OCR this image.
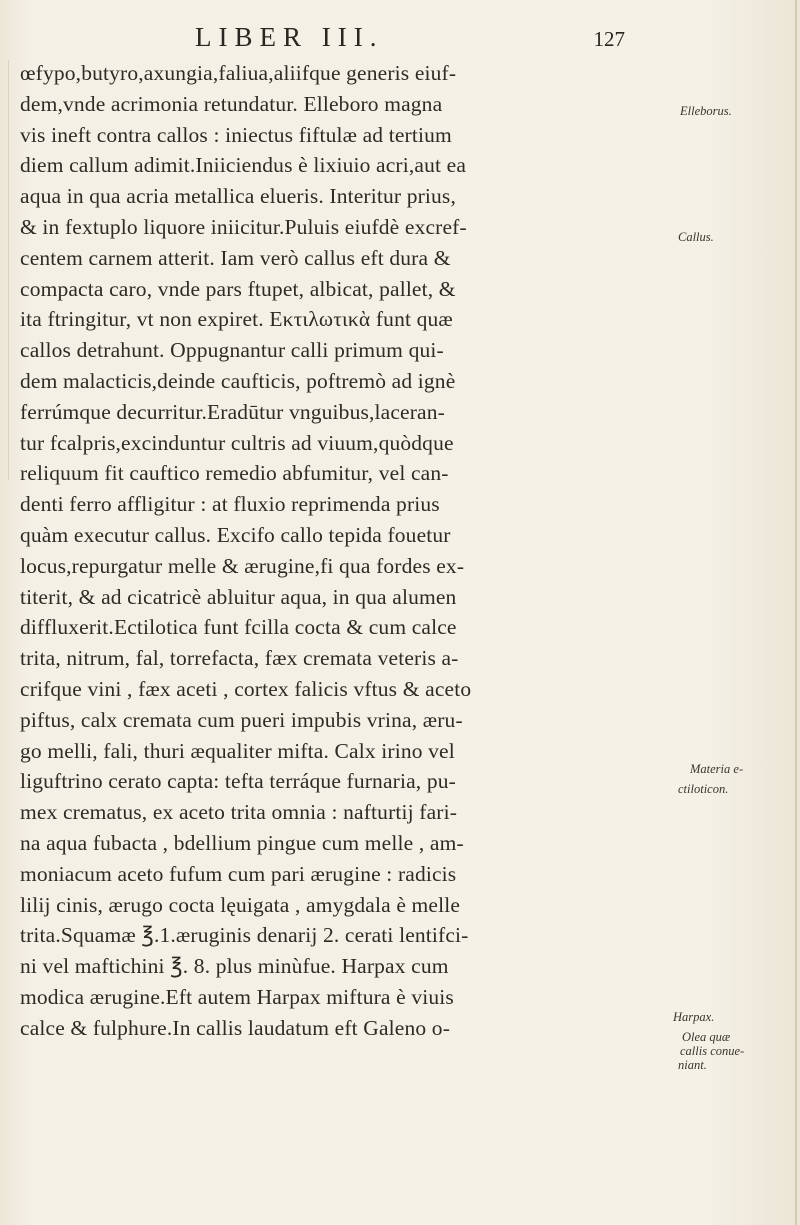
LIBER III.	127
œfypo,butyro,axungia,faliua,aliifque generis eiuf-
dem,vnde acrimonia retundatur. Elleboro magna
vis ineft contra callos : iniectus fiftulæ ad tertium
diem callum adimit.Iniiciendus è lixiuio acri,aut ea
aqua in qua acria metallica elueris. Interitur prius,
& in fextuplo liquore iniicitur.Puluis eiufdè excref-
centem carnem atterit. Iam verò callus eft dura &
compacta caro, vnde pars ftupet, albicat, pallet, &
ita ftringitur, vt non expiret. Εκτιλωτικὰ funt quæ
callos detrahunt. Oppugnantur calli primum qui-
dem malacticis,deinde caufticis, poftremò ad ignè
ferrúmque decurritur.Eradūtur vnguibus,laceran-
tur fcalpris,excinduntur cultris ad viuum,quòdque
reliquum fit cauftico remedio abfumitur, vel can-
denti ferro affligitur : at fluxio reprimenda prius
quàm executur callus. Excifo callo tepida fouetur
locus,repurgatur melle & ærugine,fi qua fordes ex-
titerit, & ad cicatricè abluitur aqua, in qua alumen
diffluxerit.Ectilotica funt fcilla cocta & cum calce
trita, nitrum, fal, torrefacta, fæx cremata veteris a-
crifque vini , fæx aceti , cortex falicis vftus & aceto
piftus, calx cremata cum pueri impubis vrina, æru-
go melli, fali, thuri æqualiter mifta. Calx irino vel
liguftrino cerato capta: tefta terráque furnaria, pu-
mex crematus, ex aceto trita omnia : nafturtij fari-
na aqua fubacta , bdellium pingue cum melle , am-
moniacum aceto fufum cum pari ærugine : radicis
lilij cinis, ærugo cocta lęuigata , amygdala è melle
trita.Squamæ ℥.1.æruginis denarij 2. cerati lentifci-
ni vel maftichini ℥. 8. plus minùfue. Harpax cum
modica ærugine.Eft autem Harpax miftura è viuis
calce & fulphure.In callis laudatum eft Galeno o-
Elleborus.
Callus.
Materia e-
ctiloticon.
Harpax.
Olea quæ
callis conue-
niant.
